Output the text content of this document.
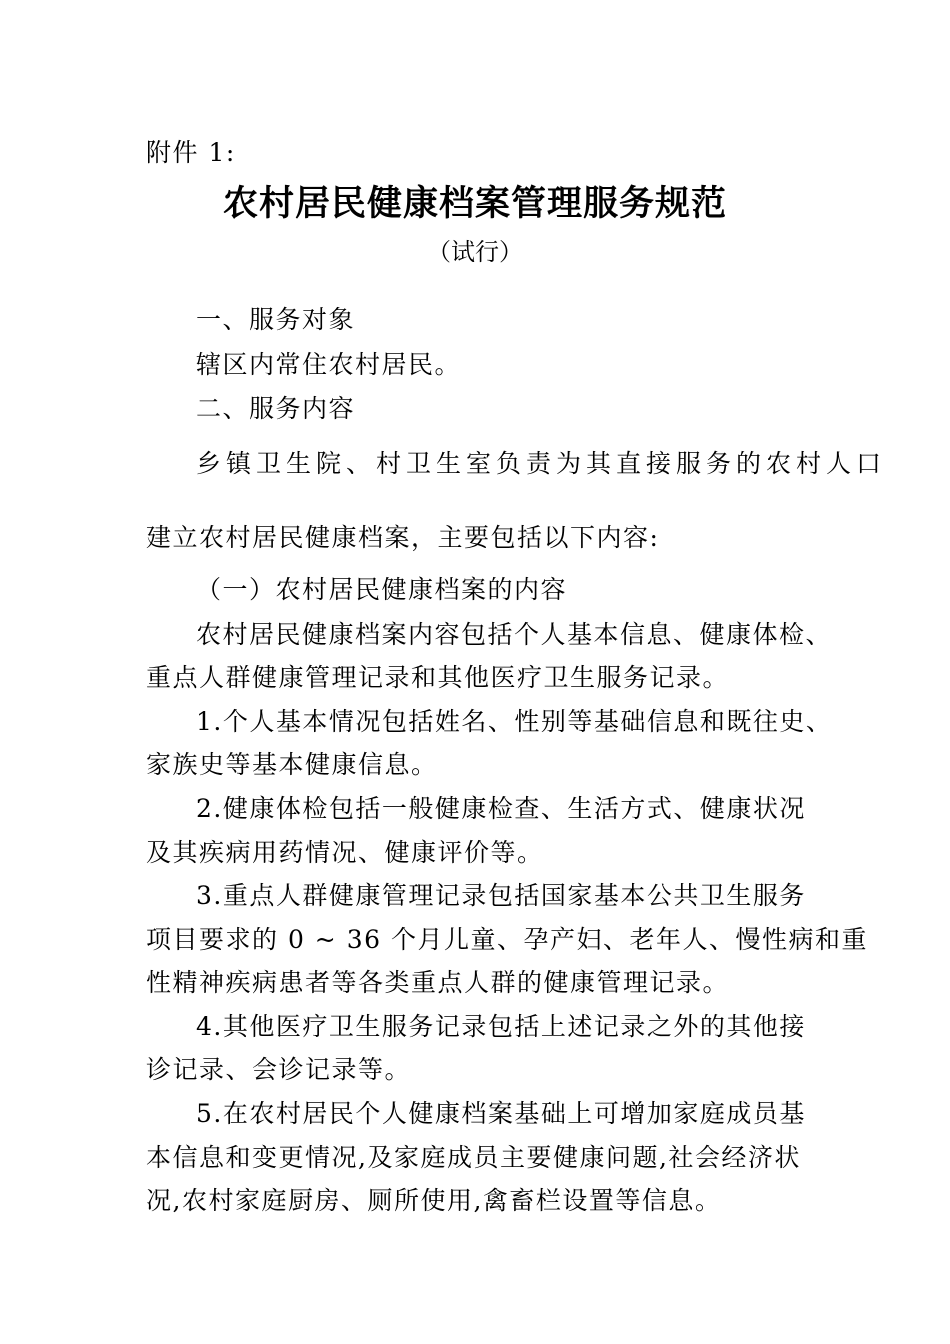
附件 1:
农村居民健康档案管理服务规范
（试行）
一、服务对象
辖区内常住农村居民。
二、服务内容
乡镇卫生院、村卫生室负责为其直接服务的农村人口
建立农村居民健康档案，主要包括以下内容:
（一）农村居民健康档案的内容
农村居民健康档案内容包括个人基本信息、健康体检、
重点人群健康管理记录和其他医疗卫生服务记录。
1.个人基本情况包括姓名、性别等基础信息和既往史、
家族史等基本健康信息。
2.健康体检包括一般健康检查、生活方式、健康状况
及其疾病用药情况、健康评价等。
3.重点人群健康管理记录包括国家基本公共卫生服务
项目要求的 0 ~ 36 个月儿童、孕产妇、老年人、慢性病和重
性精神疾病患者等各类重点人群的健康管理记录。
4.其他医疗卫生服务记录包括上述记录之外的其他接
诊记录、会诊记录等。
5.在农村居民个人健康档案基础上可增加家庭成员基
本信息和变更情况,及家庭成员主要健康问题,社会经济状
况,农村家庭厨房、厕所使用,禽畜栏设置等信息。
